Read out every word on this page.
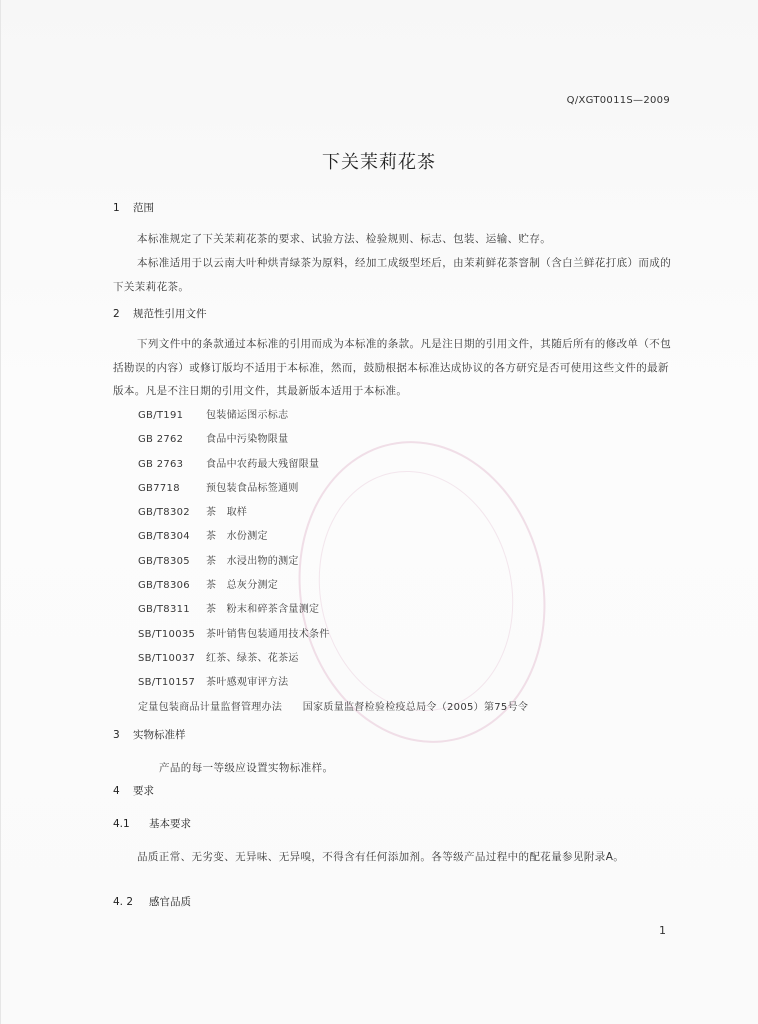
Q/XGT0011S—2009
下关茉莉花茶
1 范围
本标准规定了下关茉莉花茶的要求、试验方法、检验规则、标志、包装、运输、贮存。
本标准适用于以云南大叶种烘青绿茶为原料，经加工成级型坯后，由茉莉鲜花茶窨制（含白兰鲜花打底）而成的下关茉莉花茶。
2 规范性引用文件
下列文件中的条款通过本标准的引用而成为本标准的条款。凡是注日期的引用文件，其随后所有的修改单（不包括勘误的内容）或修订版均不适用于本标准，然而，鼓励根据本标准达成协议的各方研究是否可使用这些文件的最新版本。凡是不注日期的引用文件，其最新版本适用于本标准。
GB/T191 包装储运图示标志
GB 2762 食品中污染物限量
GB 2763 食品中农药最大残留限量
GB7718	预包装食品标签通则
GB/T8302 茶　取样
GB/T8304 茶　水份测定
GB/T8305 茶　水浸出物的测定
GB/T8306 茶　总灰分测定
GB/T8311 茶　粉末和碎茶含量测定
SB/T10035 茶叶销售包装通用技术条件
SB/T10037 红茶、绿茶、花茶运
SB/T10157 茶叶感观审评方法
定量包装商品计量监督管理办法　　国家质量监督检验检疫总局令（2005）第75号令
3 实物标准样
产品的每一等级应设置实物标准样。
4 要求
4.1 基本要求
品质正常、无劣变、无异味、无异嗅，不得含有任何添加剂。各等级产品过程中的配花量参见附录A。
4. 2 感官品质
1
